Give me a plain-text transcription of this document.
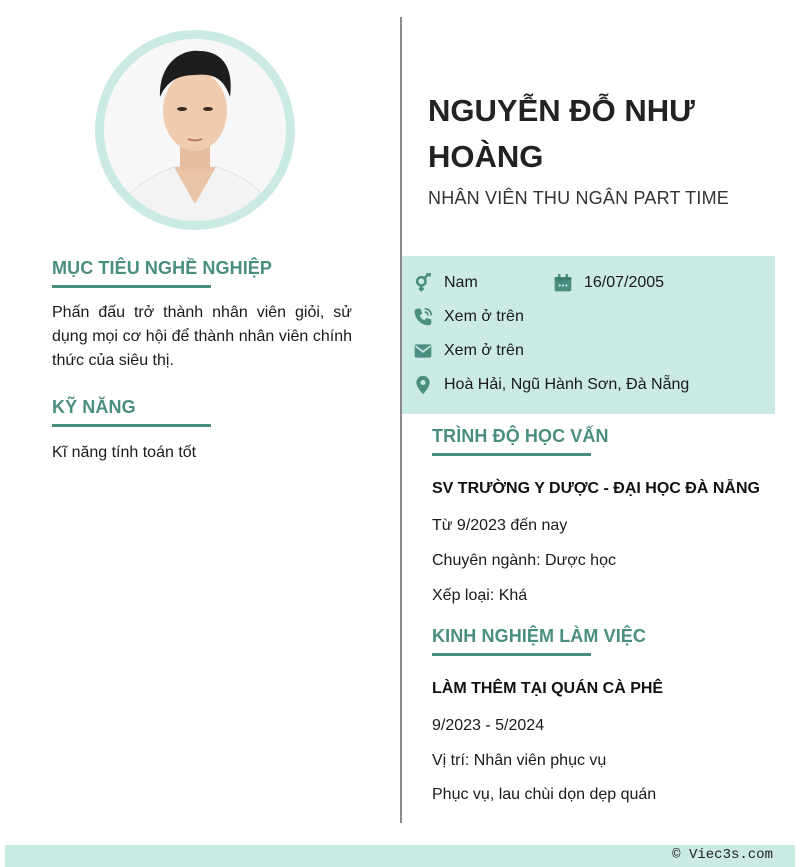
MỤC TIÊU NGHỀ NGHIỆP
Phấn đấu trở thành nhân viên giỏi, sử dụng mọi cơ hội để thành nhân viên chính thức của siêu thị.
KỸ NĂNG
Kĩ năng tính toán tốt
NGUYỄN ĐỖ NHƯ HOÀNG
NHÂN VIÊN THU NGÂN PART TIME
Nam	16/07/2005
Xem ở trên
Xem ở trên
Hoà Hải, Ngũ Hành Sơn, Đà Nẵng
TRÌNH ĐỘ HỌC VẤN
SV TRƯỜNG Y DƯỢC - ĐẠI HỌC ĐÀ NẴNG
Từ 9/2023 đến nay
Chuyên ngành: Dược học
Xếp loại: Khá
KINH NGHIỆM LÀM VIỆC
LÀM THÊM TẠI QUÁN CÀ PHÊ
9/2023 - 5/2024
Vị trí: Nhân viên phục vụ
Phục vụ, lau chùi dọn dẹp quán
© Viec3s.com
